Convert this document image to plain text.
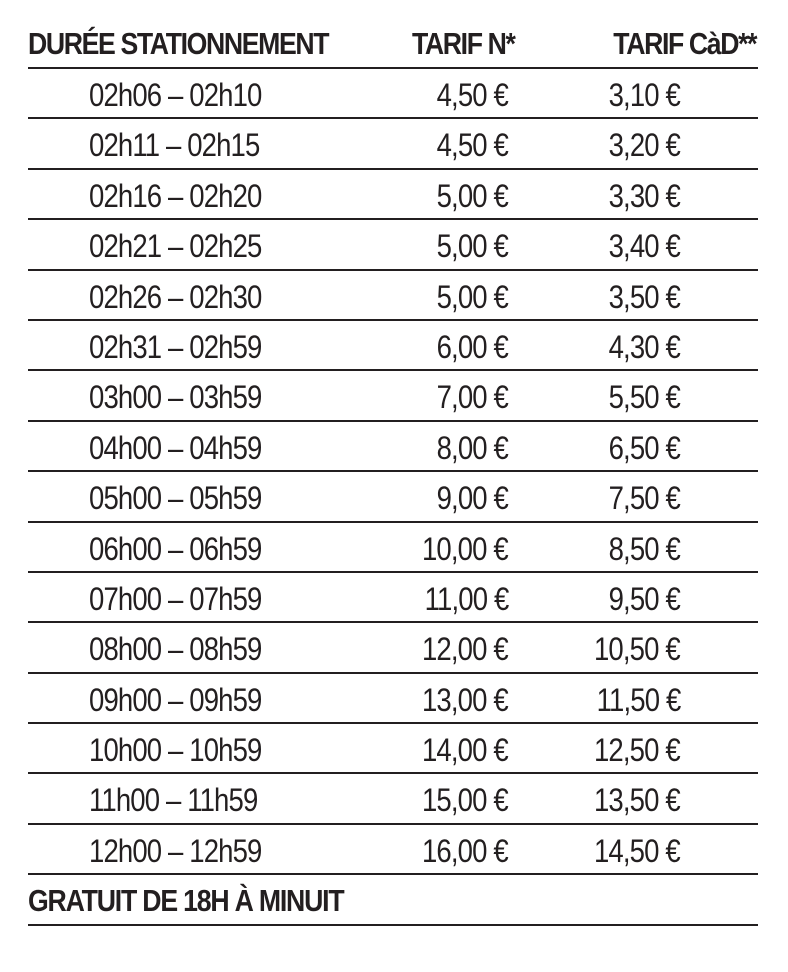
DURÉE STATIONNEMENT	TARIF N*	TARIF CàD**
02h06 – 02h10	4,50 €	3,10 €
02h11 – 02h15	4,50 €	3,20 €
02h16 – 02h20	5,00 €	3,30 €
02h21 – 02h25	5,00 €	3,40 €
02h26 – 02h30	5,00 €	3,50 €
02h31 – 02h59	6,00 €	4,30 €
03h00 – 03h59	7,00 €	5,50 €
04h00 – 04h59	8,00 €	6,50 €
05h00 – 05h59	9,00 €	7,50 €
06h00 – 06h59	10,00 €	8,50 €
07h00 – 07h59	11,00 €	9,50 €
08h00 – 08h59	12,00 €	10,50 €
09h00 – 09h59	13,00 €	11,50 €
10h00 – 10h59	14,00 €	12,50 €
11h00 – 11h59	15,00 €	13,50 €
12h00 – 12h59	16,00 €	14,50 €
GRATUIT DE 18H À MINUIT
